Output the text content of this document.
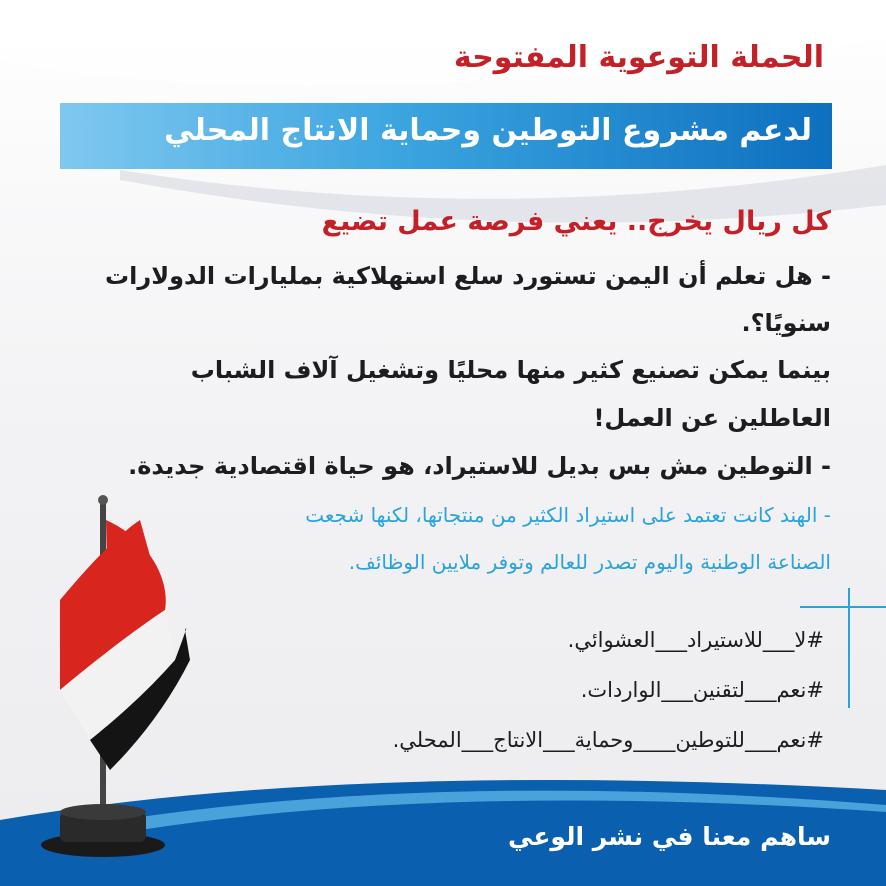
الحملة التوعوية المفتوحة
لدعم مشروع التوطين وحماية الانتاج المحلي
كل ريال يخرج.. يعني فرصة عمل تضيع
- هل تعلم أن اليمن تستورد سلع استهلاكية بمليارات الدولارات
سنويًا؟.
بينما يمكن تصنيع كثير منها محليًا وتشغيل آلاف الشباب
العاطلين عن العمل!
- التوطين مش بس بديل للاستيراد، هو حياة اقتصادية جديدة.
- الهند كانت تعتمد على استيراد الكثير من منتجاتها، لكنها شجعت
الصناعة الوطنية واليوم تصدر للعالم وتوفر ملايين الوظائف.
#لا___للاستيراد___العشوائي.
#نعم___لتقنين___الواردات.
#نعم___للتوطين____وحماية___الانتاج___المحلي.
ساهم معنا في نشر الوعي
